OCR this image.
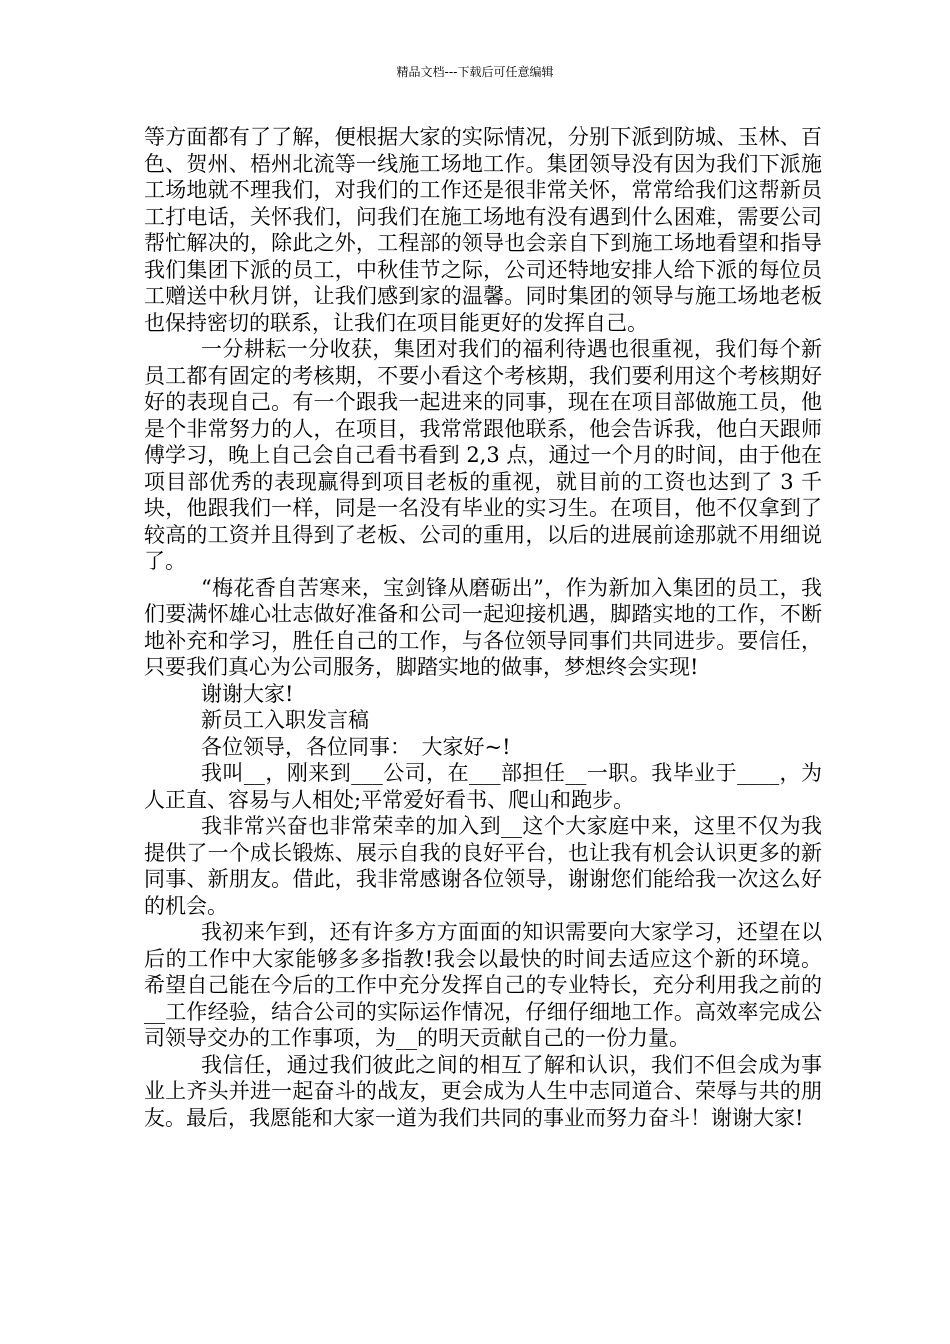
精品文档---下载后可任意编辑

等方面都有了了解，便根据大家的实际情况，分别下派到防城、玉林、百色、贺州、梧州北流等一线施工场地工作。集团领导没有因为我们下派施工场地就不理我们，对我们的工作还是很非常关怀，常常给我们这帮新员工打电话，关怀我们，问我们在施工场地有没有遇到什么困难，需要公司帮忙解决的，除此之外，工程部的领导也会亲自下到施工场地看望和指导我们集团下派的员工，中秋佳节之际，公司还特地安排人给下派的每位员工赠送中秋月饼，让我们感到家的温馨。同时集团的领导与施工场地老板也保持密切的联系，让我们在项目能更好的发挥自己。

一分耕耘一分收获，集团对我们的福利待遇也很重视，我们每个新员工都有固定的考核期，不要小看这个考核期，我们要利用这个考核期好好的表现自己。有一个跟我一起进来的同事，现在在项目部做施工员，他是个非常努力的人，在项目，我常常跟他联系，他会告诉我，他白天跟师傅学习，晚上自己会自己看书看到 2,3 点，通过一个月的时间，由于他在项目部优秀的表现赢得到项目老板的重视，就目前的工资也达到了 3 千块，他跟我们一样，同是一名没有毕业的实习生。在项目，他不仅拿到了较高的工资并且得到了老板、公司的重用，以后的进展前途那就不用细说了。

“梅花香自苦寒来，宝剑锋从磨砺出”，作为新加入集团的员工，我们要满怀雄心壮志做好准备和公司一起迎接机遇，脚踏实地的工作，不断地补充和学习，胜任自己的工作，与各位领导同事们共同进步。要信任，只要我们真心为公司服务，脚踏实地的做事，梦想终会实现!

谢谢大家!

新员工入职发言稿

各位领导，各位同事：　大家好~!

我叫__，刚来到___公司，在___部担任__一职。我毕业于____，为人正直、容易与人相处;平常爱好看书、爬山和跑步。

我非常兴奋也非常荣幸的加入到__这个大家庭中来，这里不仅为我提供了一个成长锻炼、展示自我的良好平台，也让我有机会认识更多的新同事、新朋友。借此，我非常感谢各位领导，谢谢您们能给我一次这么好的机会。

我初来乍到，还有许多方方面面的知识需要向大家学习，还望在以后的工作中大家能够多多指教!我会以最快的时间去适应这个新的环境。希望自己能在今后的工作中充分发挥自己的专业特长，充分利用我之前的__工作经验，结合公司的实际运作情况，仔细仔细地工作。高效率完成公司领导交办的工作事项，为__的明天贡献自己的一份力量。

我信任，通过我们彼此之间的相互了解和认识，我们不但会成为事业上齐头并进一起奋斗的战友，更会成为人生中志同道合、荣辱与共的朋友。最后，我愿能和大家一道为我们共同的事业而努力奋斗！谢谢大家!
